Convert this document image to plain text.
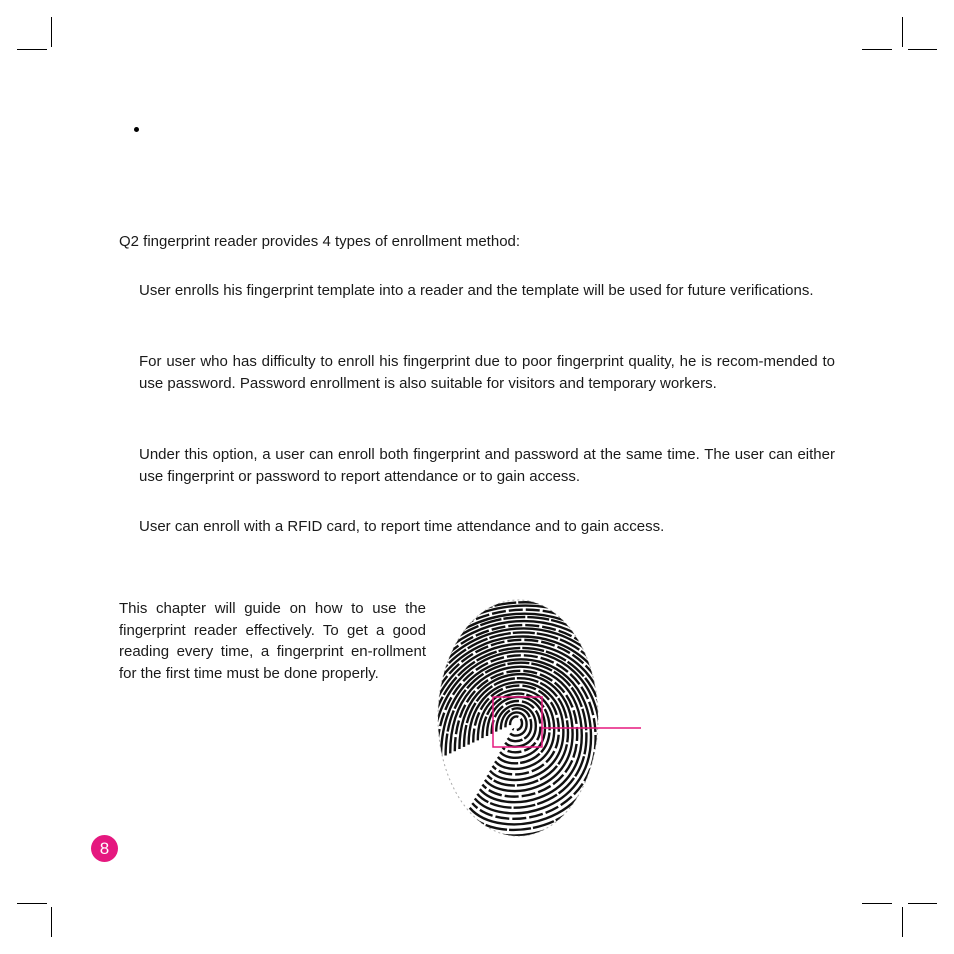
Q2 fingerprint reader provides 4 types of enrollment method:
User enrolls his fingerprint template into a reader and the template will be used for future verifications.
For user who has difficulty to enroll his fingerprint due to poor fingerprint quality, he is recom-mended to use password. Password enrollment is also suitable for visitors and temporary workers.
Under this option, a user can enroll both fingerprint and password at the same time. The user can either use fingerprint or password to report attendance or to gain access.
User can enroll with a RFID card, to report time attendance and to gain access.
This chapter will guide on how to use the fingerprint reader effectively. To get a good reading every time, a fingerprint en-rollment for the first time must be done properly.
8
